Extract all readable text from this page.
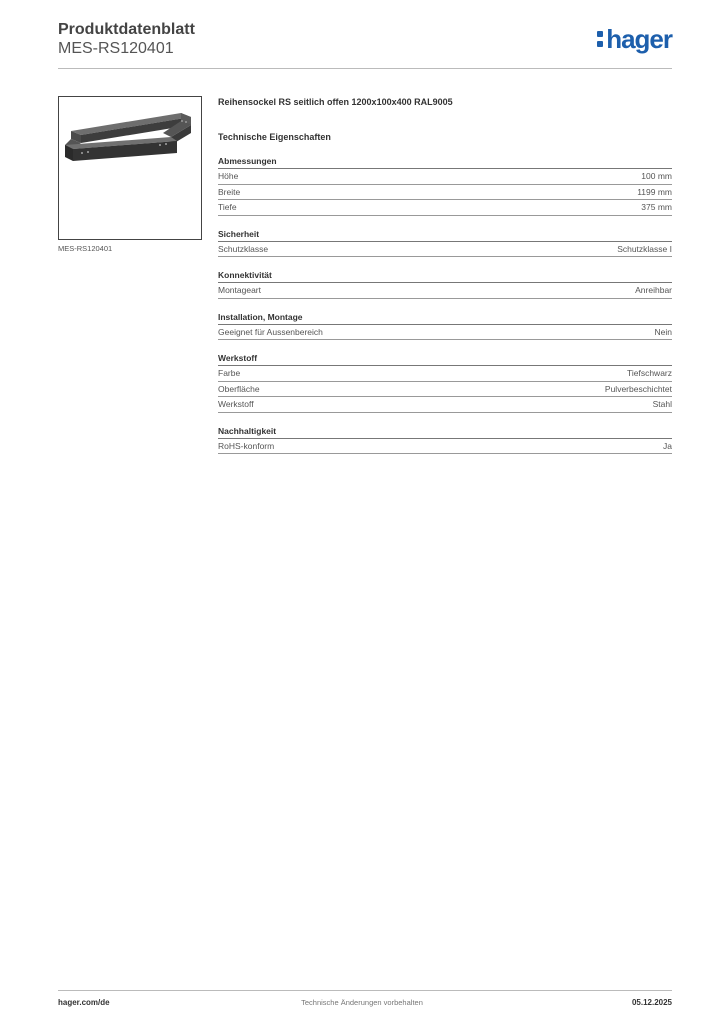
Produktdatenblatt
MES-RS120401	hager
MES-RS120401
Reihensockel RS seitlich offen 1200x100x400 RAL9005
Technische Eigenschaften
Abmessungen
Höhe	100 mm
Breite	1199 mm
Tiefe	375 mm
Sicherheit
Schutzklasse	Schutzklasse I
Konnektivität
Montageart	Anreihbar
Installation, Montage
Geeignet für Aussenbereich	Nein
Werkstoff
Farbe	Tiefschwarz
Oberfläche	Pulverbeschichtet
Werkstoff	Stahl
Nachhaltigkeit
RoHS-konform	Ja
hager.com/de	Technische Änderungen vorbehalten	05.12.2025
